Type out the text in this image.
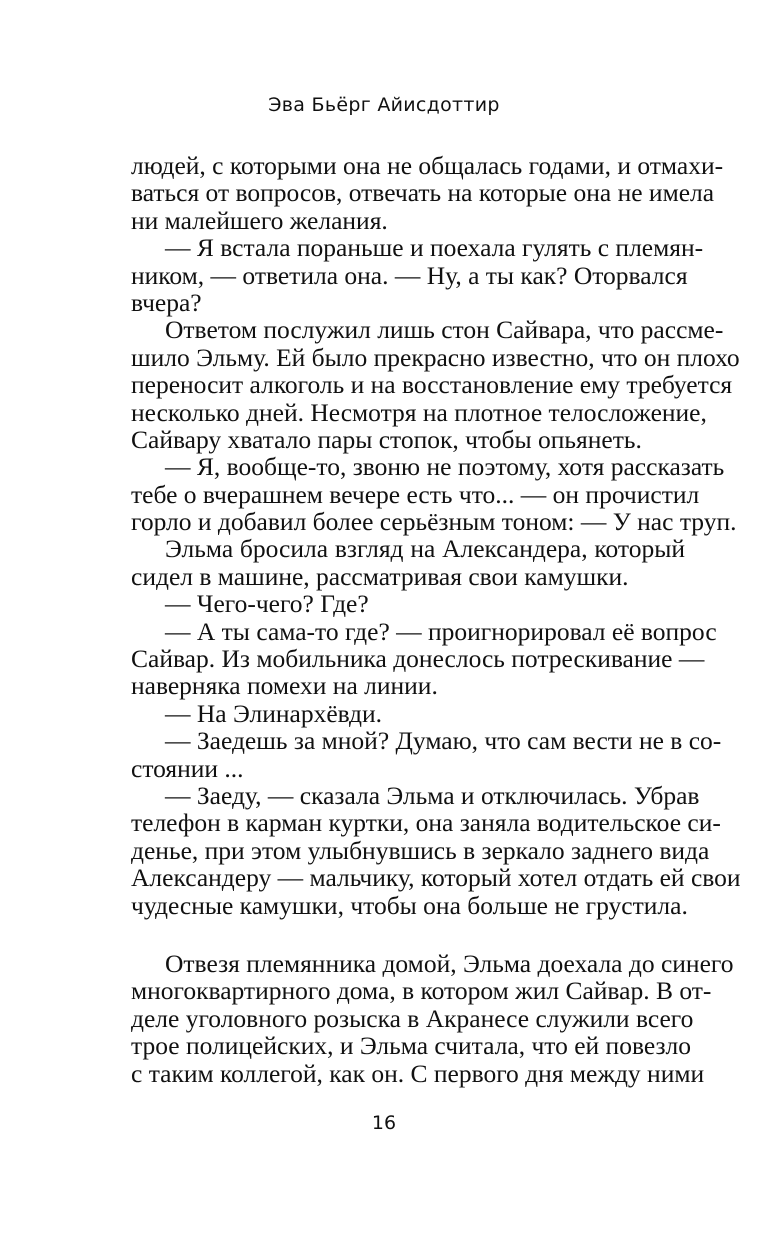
Эва Бьёрг Айисдоттир
людей, с которыми она не общалась годами, и отмахи-
ваться от вопросов, отвечать на которые она не имела
ни малейшего желания.
— Я встала пораньше и поехала гулять с племян-
ником, — ответила она. — Ну, а ты как? Оторвался
вчера?
Ответом послужил лишь стон Сайвара, что рассме-
шило Эльму. Ей было прекрасно известно, что он плохо
переносит алкоголь и на восстановление ему требуется
несколько дней. Несмотря на плотное телосложение,
Сайвару хватало пары стопок, чтобы опьянеть.
— Я, вообще-то, звоню не поэтому, хотя рассказать
тебе о вчерашнем вечере есть что... — он прочистил
горло и добавил более серьёзным тоном: — У нас труп.
Эльма бросила взгляд на Александера, который
сидел в машине, рассматривая свои камушки.
— Чего-чего? Где?
— А ты сама-то где? — проигнорировал её вопрос
Сайвар. Из мобильника донеслось потрескивание —
наверняка помехи на линии.
— На Элинархёвди.
— Заедешь за мной? Думаю, что сам вести не в со-
стоянии ...
— Заеду, — сказала Эльма и отключилась. Убрав
телефон в карман куртки, она заняла водительское си-
денье, при этом улыбнувшись в зеркало заднего вида
Александеру — мальчику, который хотел отдать ей свои
чудесные камушки, чтобы она больше не грустила.
Отвезя племянника домой, Эльма доехала до синего
многоквартирного дома, в котором жил Сайвар. В от-
деле уголовного розыска в Акранесе служили всего
трое полицейских, и Эльма считала, что ей повезло
с таким коллегой, как он. С первого дня между ними
16
